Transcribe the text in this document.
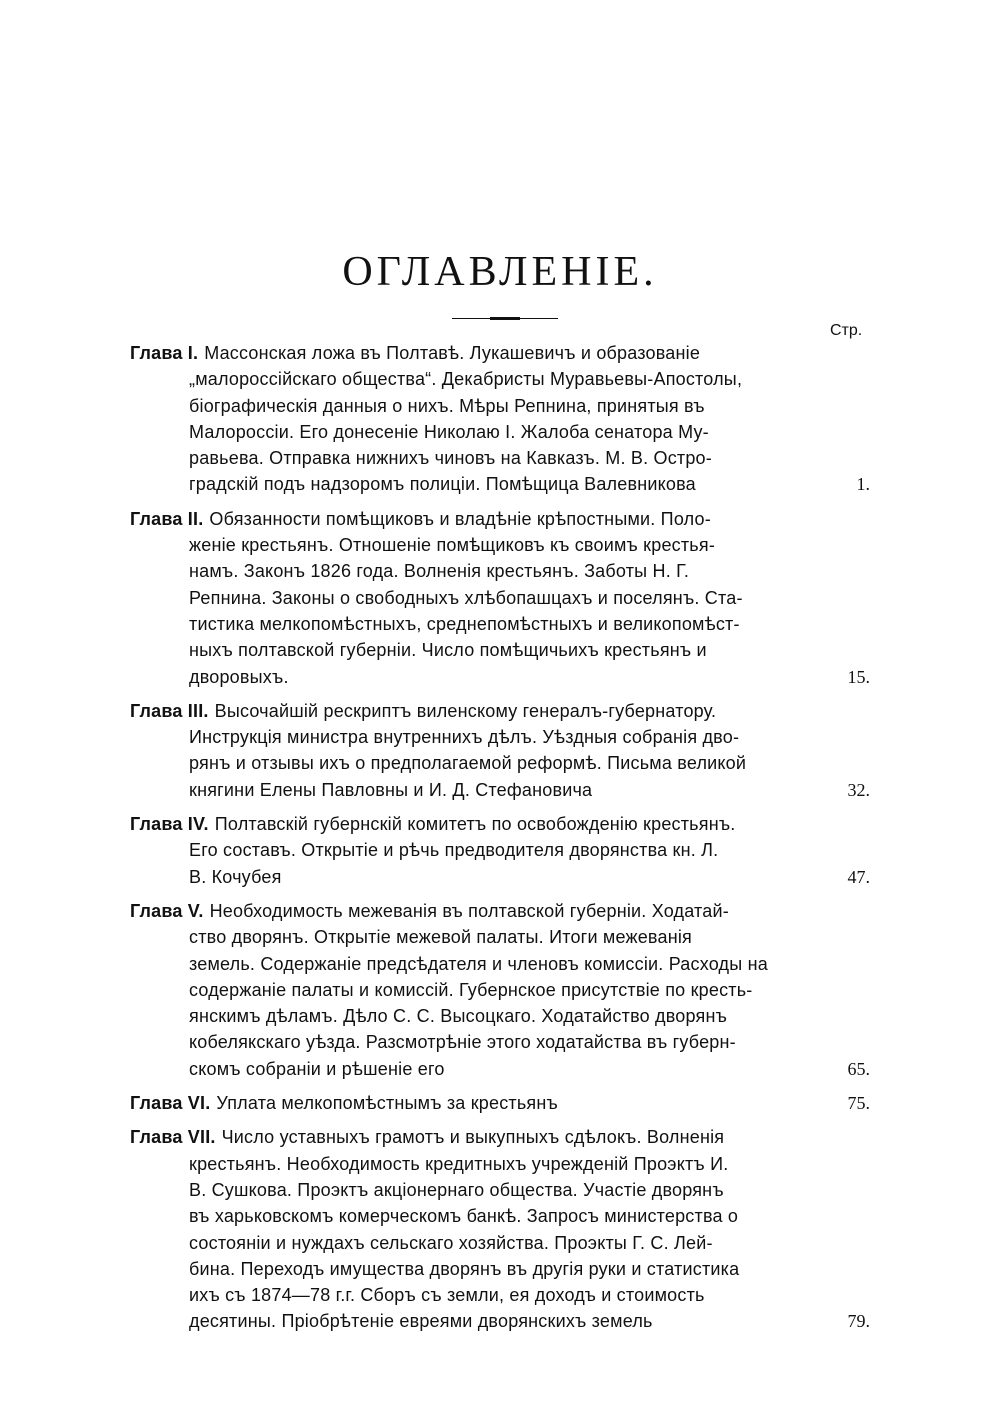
ОГЛАВЛЕНІЕ.
Стр.
Глава I. Массонская ложа въ Полтавѣ. Лукашевичъ и образованіе
„малороссійскаго общества“. Декабристы Муравьевы-Апостолы,
біографическія данныя о нихъ. Мѣры Репнина, принятыя въ
Малороссіи. Его донесеніе Николаю I. Жалоба сенатора Му-
равьева. Отправка нижнихъ чиновъ на Кавказъ. М. В. Остро-
градскій подъ надзоромъ полиціи. Помѣщица Валевникова	1.
Глава II. Обязанности помѣщиковъ и владѣніе крѣпостными. Поло-
женіе крестьянъ. Отношеніе помѣщиковъ къ своимъ крестья-
намъ. Законъ 1826 года. Волненія крестьянъ. Заботы Н. Г.
Репнина. Законы о свободныхъ хлѣбопашцахъ и поселянъ. Ста-
тистика мелкопомѣстныхъ, среднепомѣстныхъ и великопомѣст-
ныхъ полтавской губерніи. Число помѣщичьихъ крестьянъ и
дворовыхъ.	15.
Глава III. Высочайшій рескриптъ виленскому генералъ-губернатору.
Инструкція министра внутреннихъ дѣлъ. Уѣздныя собранія дво-
рянъ и отзывы ихъ о предполагаемой реформѣ. Письма великой
княгини Елены Павловны и И. Д. Стефановича	32.
Глава IV. Полтавскій губернскій комитетъ по освобожденію крестьянъ.
Его составъ. Открытіе и рѣчь предводителя дворянства кн. Л.
В. Кочубея	47.
Глава V. Необходимость межеванія въ полтавской губерніи. Ходатай-
ство дворянъ. Открытіе межевой палаты. Итоги межеванія
земель. Содержаніе предсѣдателя и членовъ комиссіи. Расходы на
содержаніе палаты и комиссій. Губернское присутствіе по кресть-
янскимъ дѣламъ. Дѣло С. С. Высоцкаго. Ходатайство дворянъ
кобелякскаго уѣзда. Разсмотрѣніе этого ходатайства въ губерн-
скомъ собраніи и рѣшеніе его	65.
Глава VI. Уплата мелкопомѣстнымъ за крестьянъ	75.
Глава VII. Число уставныхъ грамотъ и выкупныхъ сдѣлокъ. Волненія
крестьянъ. Необходимость кредитныхъ учрежденій Проэктъ И.
В. Сушкова. Проэктъ акціонернаго общества. Участіе дворянъ
въ харьковскомъ комерческомъ банкѣ. Запросъ министерства о
состояніи и нуждахъ сельскаго хозяйства. Проэкты Г. С. Лей-
бина. Переходъ имущества дворянъ въ другія руки и статистика
ихъ съ 1874—78 г.г. Сборъ съ земли, ея доходъ и стоимость
десятины. Пріобрѣтеніе евреями дворянскихъ земель	79.
